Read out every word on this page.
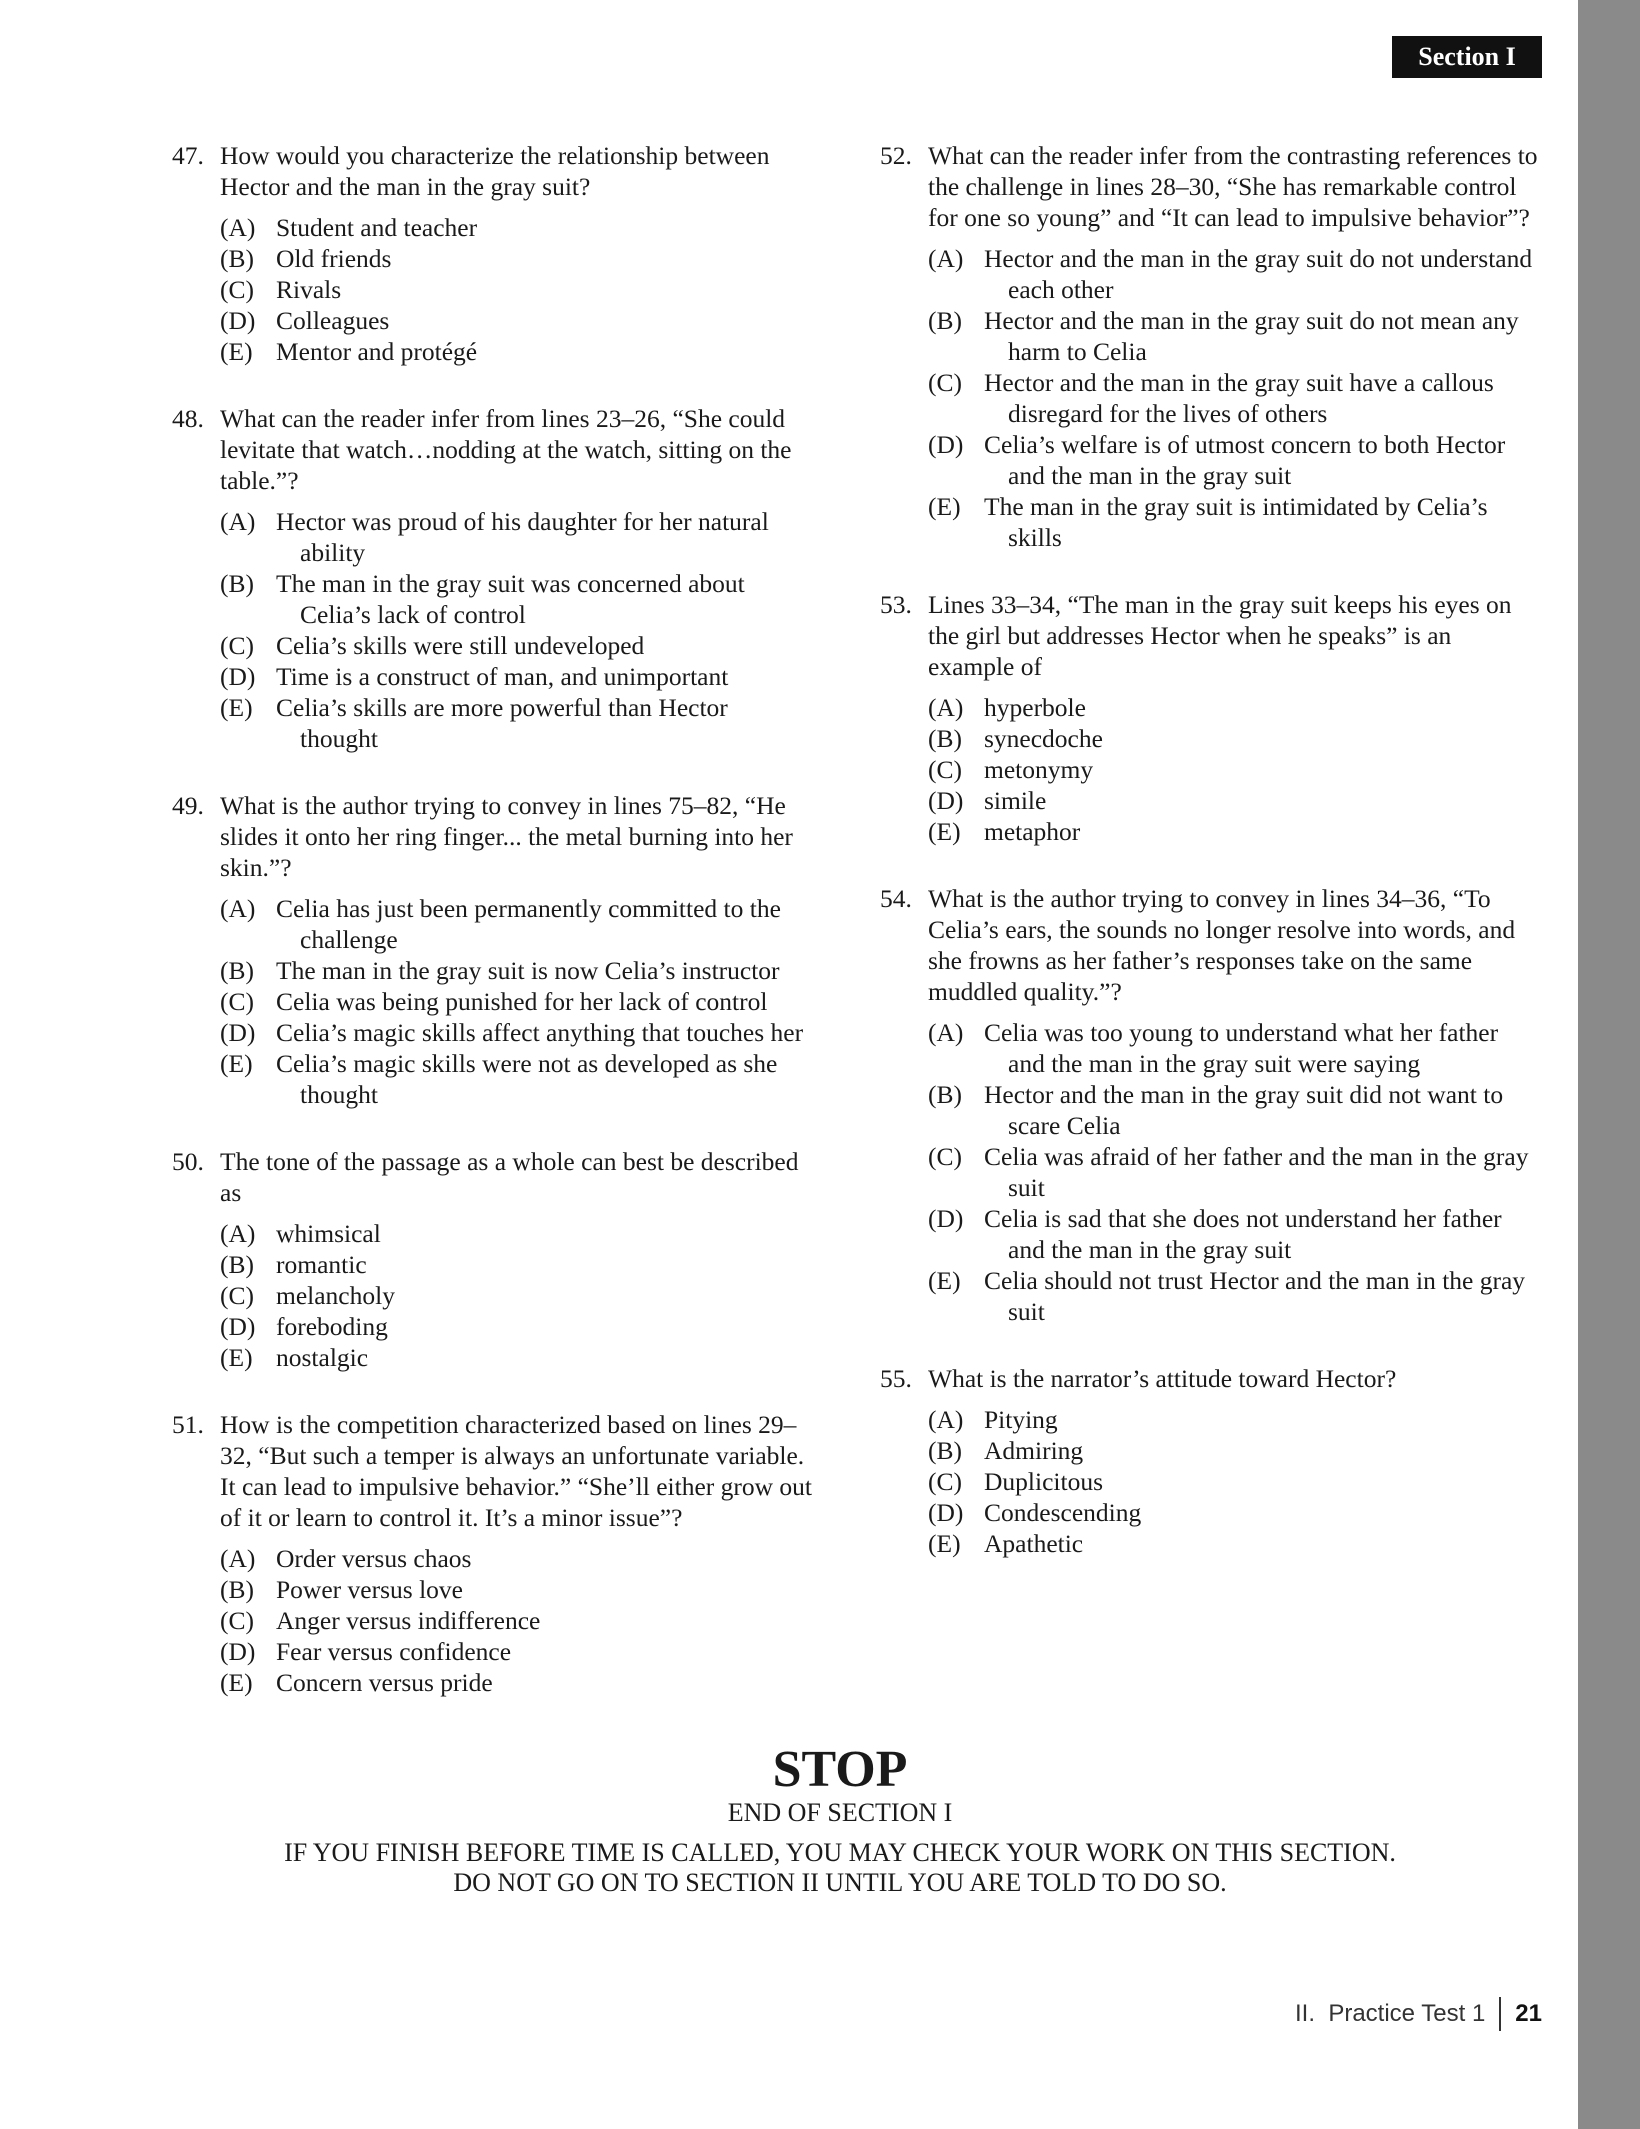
Section I
47. How would you characterize the relationship between Hector and the man in the gray suit?
(A) Student and teacher
(B) Old friends
(C) Rivals
(D) Colleagues
(E) Mentor and protégé
48. What can the reader infer from lines 23–26, “She could levitate that watch…nodding at the watch, sitting on the table.”?
(A) Hector was proud of his daughter for her natural ability
(B) The man in the gray suit was concerned about Celia’s lack of control
(C) Celia’s skills were still undeveloped
(D) Time is a construct of man, and unimportant
(E) Celia’s skills are more powerful than Hector thought
49. What is the author trying to convey in lines 75–82, “He slides it onto her ring finger... the metal burning into her skin.”?
(A) Celia has just been permanently committed to the challenge
(B) The man in the gray suit is now Celia’s instructor
(C) Celia was being punished for her lack of control
(D) Celia’s magic skills affect anything that touches her
(E) Celia’s magic skills were not as developed as she thought
50. The tone of the passage as a whole can best be described as
(A) whimsical
(B) romantic
(C) melancholy
(D) foreboding
(E) nostalgic
51. How is the competition characterized based on lines 29–32, “But such a temper is always an unfortunate variable. It can lead to impulsive behavior.” “She’ll either grow out of it or learn to control it. It’s a minor issue”?
(A) Order versus chaos
(B) Power versus love
(C) Anger versus indifference
(D) Fear versus confidence
(E) Concern versus pride
52. What can the reader infer from the contrasting references to the challenge in lines 28–30, “She has remarkable control for one so young” and “It can lead to impulsive behavior”?
(A) Hector and the man in the gray suit do not understand each other
(B) Hector and the man in the gray suit do not mean any harm to Celia
(C) Hector and the man in the gray suit have a callous disregard for the lives of others
(D) Celia’s welfare is of utmost concern to both Hector and the man in the gray suit
(E) The man in the gray suit is intimidated by Celia’s skills
53. Lines 33–34, “The man in the gray suit keeps his eyes on the girl but addresses Hector when he speaks” is an example of
(A) hyperbole
(B) synecdoche
(C) metonymy
(D) simile
(E) metaphor
54. What is the author trying to convey in lines 34–36, “To Celia’s ears, the sounds no longer resolve into words, and she frowns as her father’s responses take on the same muddled quality.”?
(A) Celia was too young to understand what her father and the man in the gray suit were saying
(B) Hector and the man in the gray suit did not want to scare Celia
(C) Celia was afraid of her father and the man in the gray suit
(D) Celia is sad that she does not understand her father and the man in the gray suit
(E) Celia should not trust Hector and the man in the gray suit
55. What is the narrator’s attitude toward Hector?
(A) Pitying
(B) Admiring
(C) Duplicitous
(D) Condescending
(E) Apathetic
STOP
END OF SECTION I
IF YOU FINISH BEFORE TIME IS CALLED, YOU MAY CHECK YOUR WORK ON THIS SECTION.
DO NOT GO ON TO SECTION II UNTIL YOU ARE TOLD TO DO SO.
II.  Practice Test 1 21
